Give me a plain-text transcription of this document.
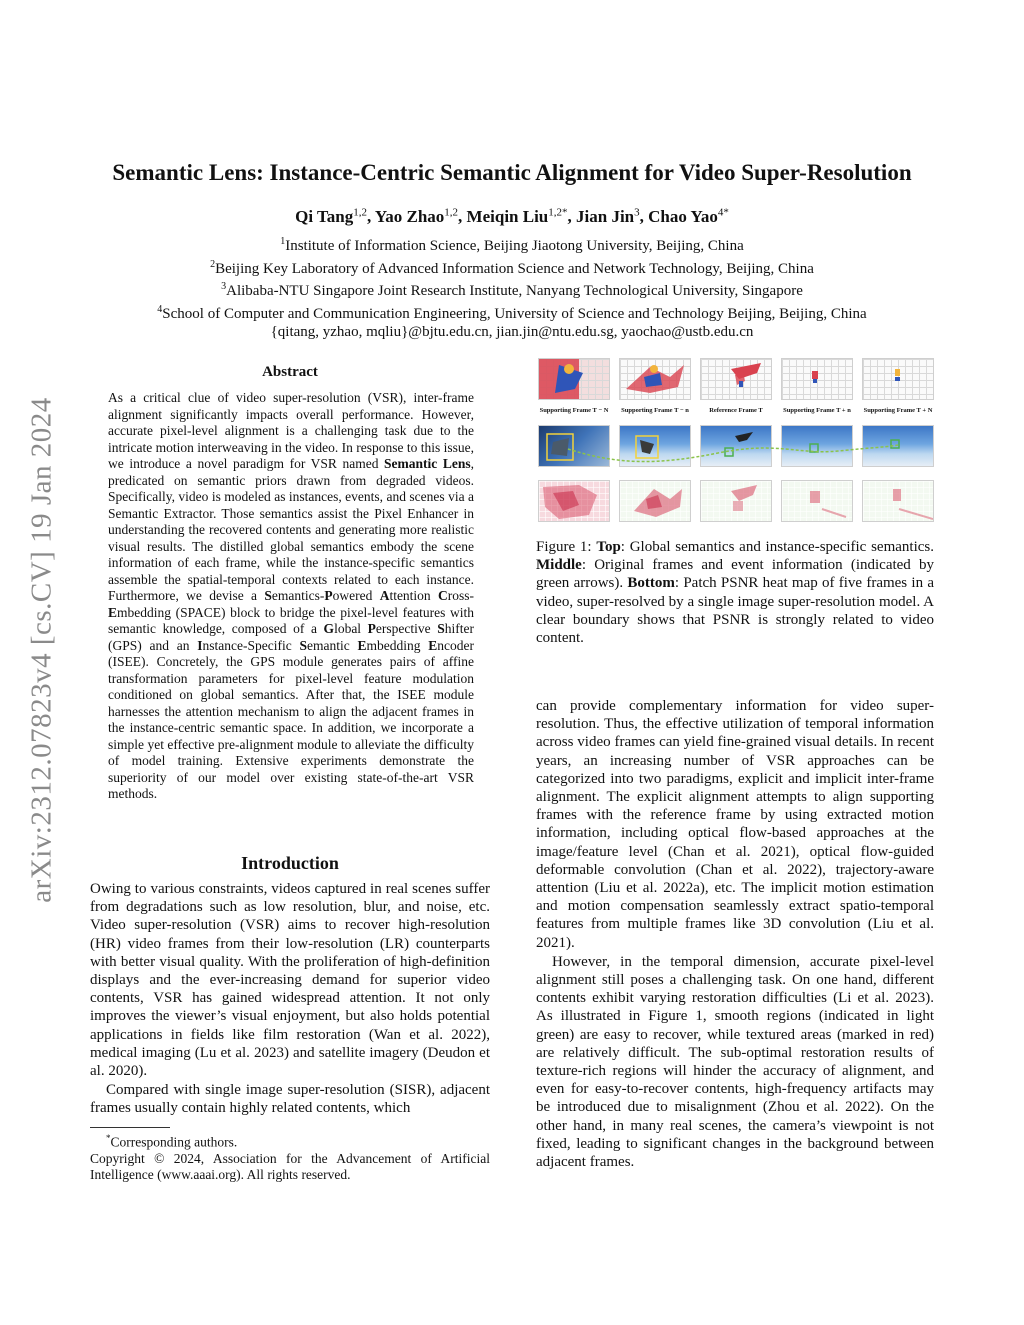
arXiv:2312.07823v4 [cs.CV] 19 Jan 2024
Semantic Lens: Instance-Centric Semantic Alignment for Video Super-Resolution
Qi Tang$^{1,2}$, Yao Zhao$^{1,2}$, Meiqin Liu$^{1,2*}$, Jian Jin$^3$, Chao Yao$^{4*}$
$^1$Institute of Information Science, Beijing Jiaotong University, Beijing, China
$^2$Beijing Key Laboratory of Advanced Information Science and Network Technology, Beijing, China
$^3$Alibaba-NTU Singapore Joint Research Institute, Nanyang Technological University, Singapore
$^4$School of Computer and Communication Engineering, University of Science and Technology Beijing, Beijing, China
{qitang, yzhao, mqliu}@bjtu.edu.cn, jian.jin@ntu.edu.sg, yaochao@ustb.edu.cn
Abstract
As a critical clue of video super-resolution (VSR), inter-frame alignment significantly impacts overall performance. However, accurate pixel-level alignment is a challenging task due to the intricate motion interweaving in the video. In response to this issue, we introduce a novel paradigm for VSR named Semantic Lens, predicated on semantic priors drawn from degraded videos. Specifically, video is modeled as instances, events, and scenes via a Semantic Extractor. Those semantics assist the Pixel Enhancer in understanding the recovered contents and generating more realistic visual results. The distilled global semantics embody the scene information of each frame, while the instance-specific semantics assemble the spatial-temporal contexts related to each instance. Furthermore, we devise a Semantics-Powered Attention Cross-Embedding (SPACE) block to bridge the pixel-level features with semantic knowledge, composed of a Global Perspective Shifter (GPS) and an Instance-Specific Semantic Embedding Encoder (ISEE). Concretely, the GPS module generates pairs of affine transformation parameters for pixel-level feature modulation conditioned on global semantics. After that, the ISEE module harnesses the attention mechanism to align the adjacent frames in the instance-centric semantic space. In addition, we incorporate a simple yet effective pre-alignment module to alleviate the difficulty of model training. Extensive experiments demonstrate the superiority of our model over existing state-of-the-art VSR methods.
Introduction

Owing to various constraints, videos captured in real scenes suffer from degradations such as low resolution, blur, and noise, etc. Video super-resolution (VSR) aims to recover high-resolution (HR) video frames from their low-resolution (LR) counterparts with better visual quality. With the proliferation of high-definition displays and the ever-increasing demand for superior video contents, VSR has gained widespread attention. It not only improves the viewer’s visual enjoyment, but also holds potential applications in fields like film restoration (Wan et al. 2022), medical imaging (Lu et al. 2023) and satellite imagery (Deudon et al. 2020).

Compared with single image super-resolution (SISR), adjacent frames usually contain highly related contents, which

*Corresponding authors.
Copyright © 2024, Association for the Advancement of Artificial Intelligence (www.aaai.org). All rights reserved.
Supporting Frame T − N	Supporting Frame T − n	Reference Frame T	Supporting Frame T + n	Supporting Frame T + N
Figure 1: Top: Global semantics and instance-specific semantics. Middle: Original frames and event information (indicated by green arrows). Bottom: Patch PSNR heat map of five frames in a video, super-resolved by a single image super-resolution model. A clear boundary shows that PSNR is strongly related to video content.

can provide complementary information for video super-resolution. Thus, the effective utilization of temporal information across video frames can yield fine-grained visual details. In recent years, an increasing number of VSR approaches can be categorized into two paradigms, explicit and implicit inter-frame alignment. The explicit alignment attempts to align supporting frames with the reference frame by using extracted motion information, including optical flow-based approaches at the image/feature level (Chan et al. 2021), optical flow-guided deformable convolution (Chan et al. 2022), trajectory-aware attention (Liu et al. 2022a), etc. The implicit motion estimation and motion compensation seamlessly extract spatio-temporal features from multiple frames like 3D convolution (Liu et al. 2021).

However, in the temporal dimension, accurate pixel-level alignment still poses a challenging task. On one hand, different contents exhibit varying restoration difficulties (Li et al. 2023). As illustrated in Figure 1, smooth regions (indicated in light green) are easy to recover, while textured areas (marked in red) are relatively difficult. The sub-optimal restoration results of texture-rich regions will hinder the accuracy of alignment, and even for easy-to-recover contents, high-frequency artifacts may be introduced due to misalignment (Zhou et al. 2022). On the other hand, in many real scenes, the camera’s viewpoint is not fixed, leading to significant changes in the background between adjacent frames.
